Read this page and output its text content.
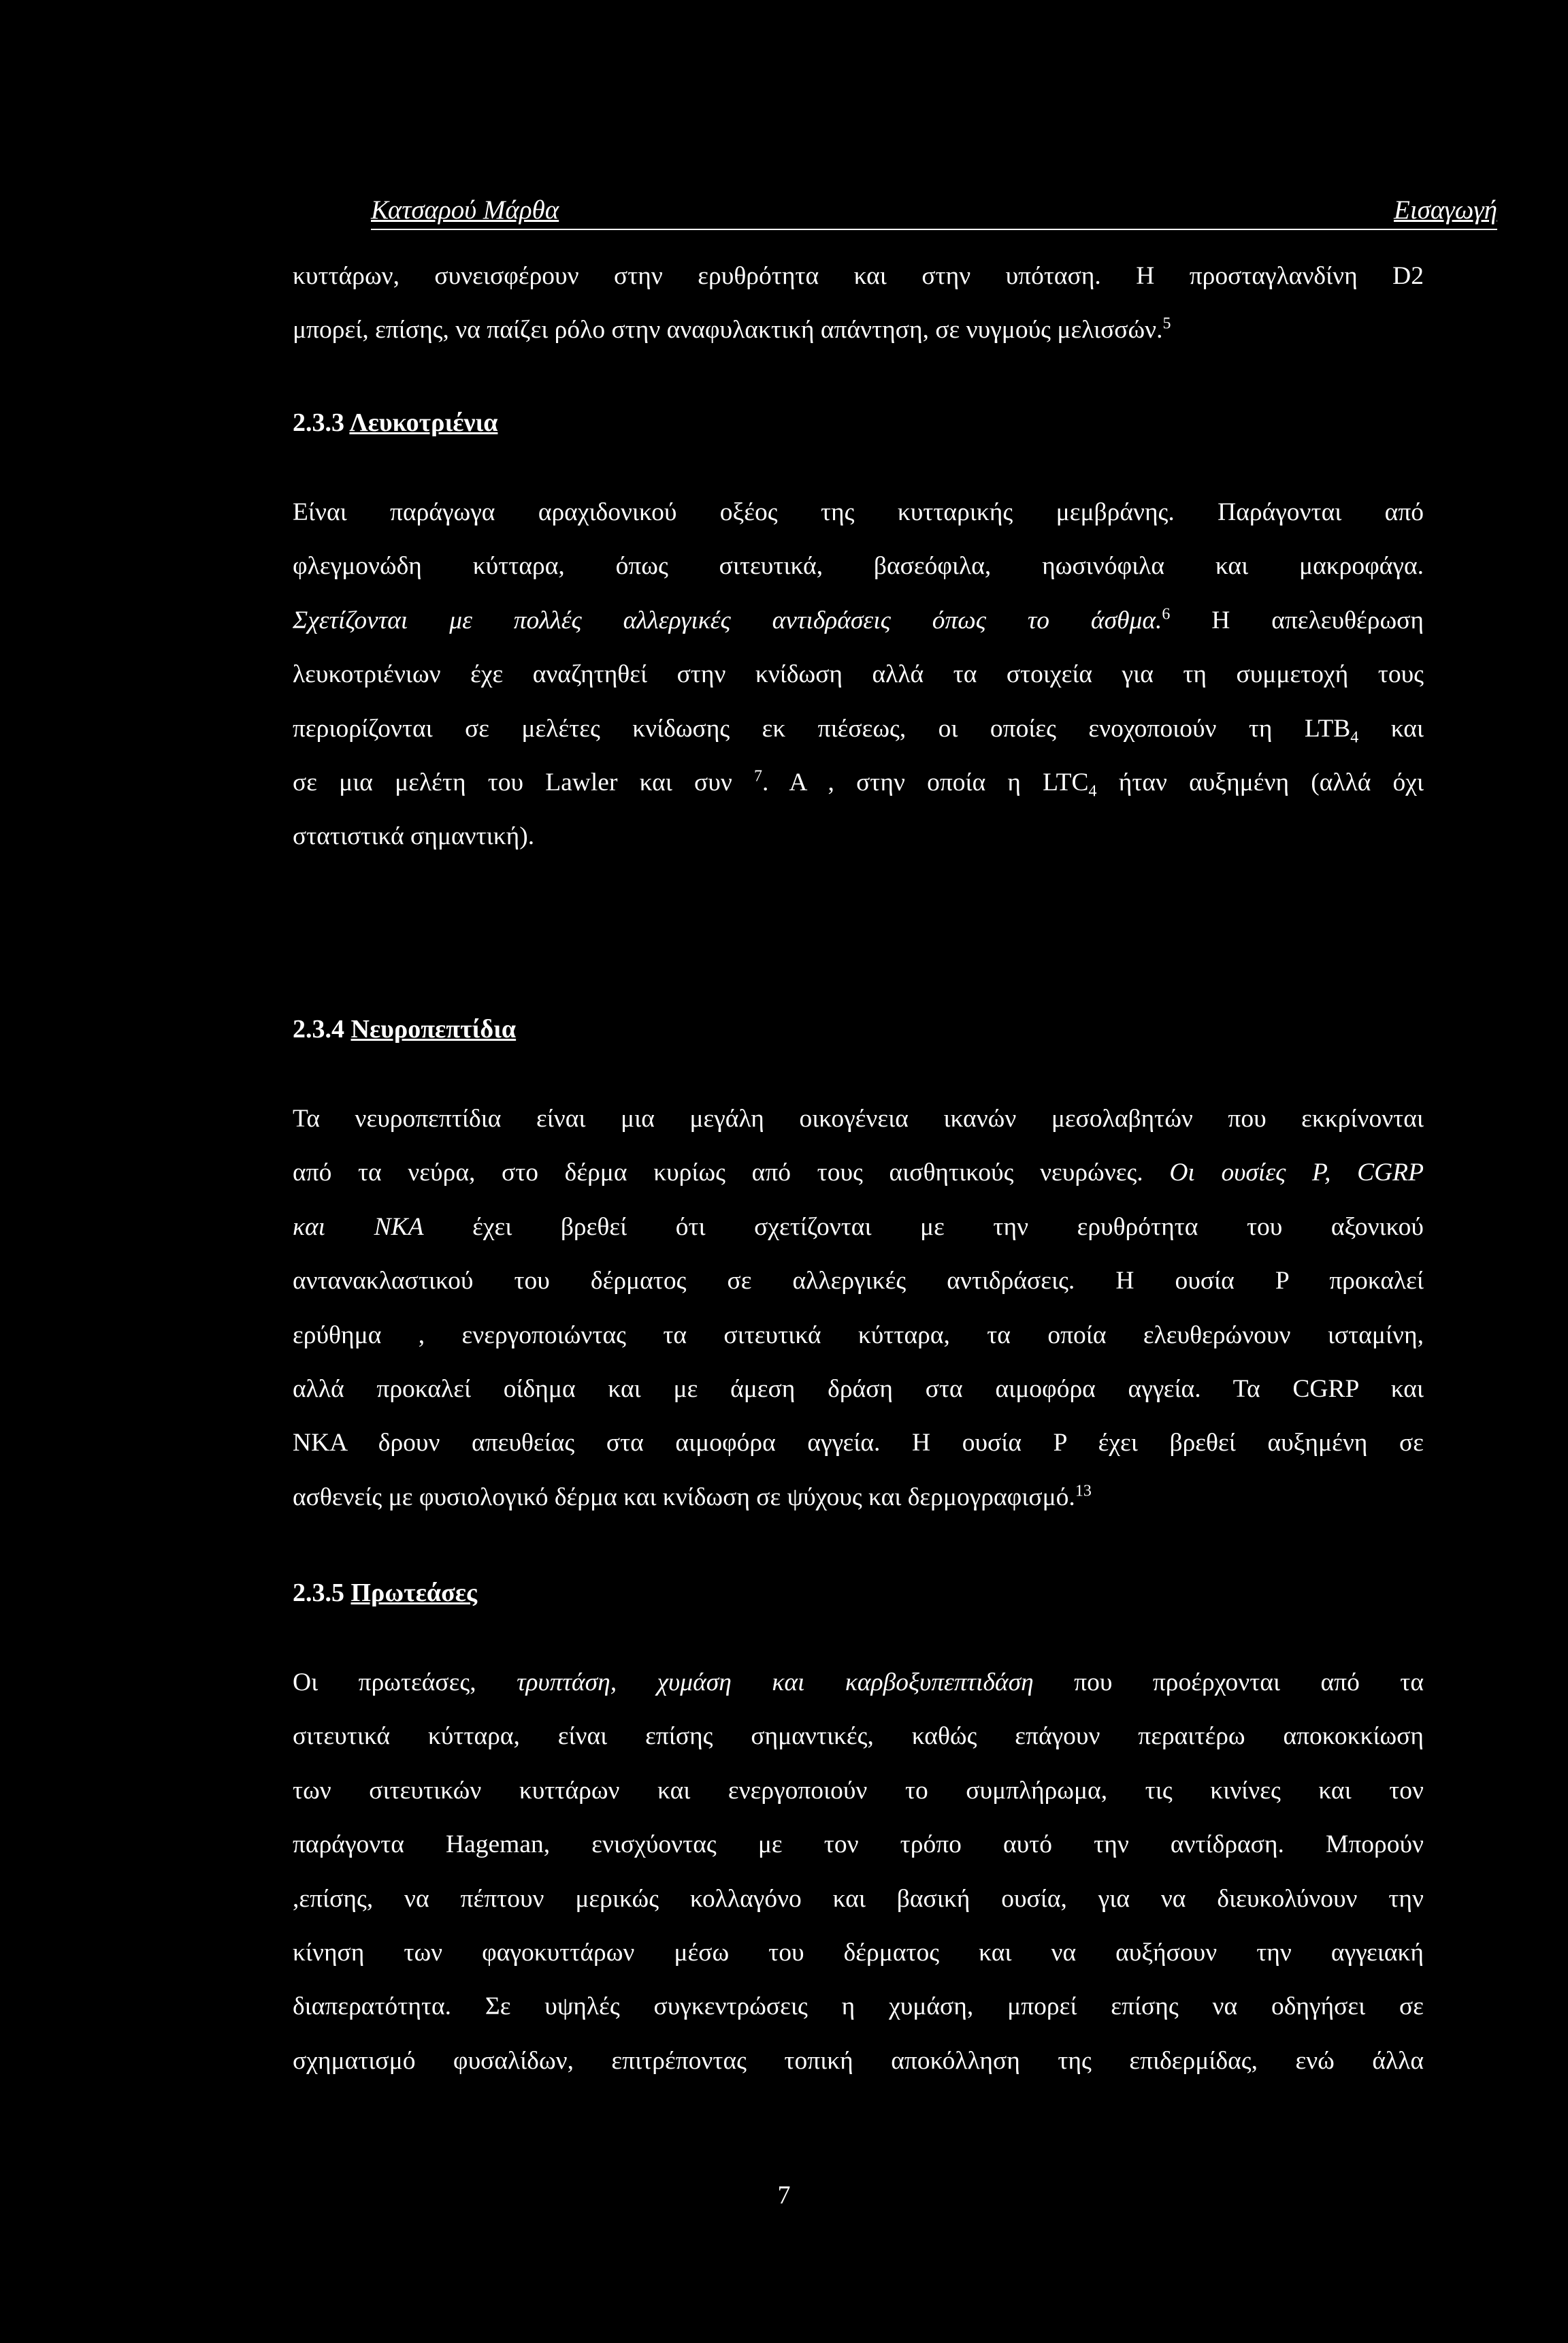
Κατσαρού Μάρθα	Εισαγωγή
κυττάρων, συνεισφέρουν στην ερυθρότητα και στην υπόταση. Η προσταγλανδίνη D2
μπορεί, επίσης, να παίζει ρόλο στην αναφυλακτική απάντηση, σε νυγμούς μελισσών.$^5$
2.3.3 Λευκοτριένια
Είναι παράγωγα αραχιδονικού οξέος της κυτταρικής μεμβράνης. Παράγονται από
φλεγμονώδη κύτταρα, όπως σιτευτικά, βασεόφιλα, ηωσινόφιλα και μακροφάγα.
Σχετίζονται με πολλές αλλεργικές αντιδράσεις όπως το άσθμα.$^6$ Η απελευθέρωση
λευκοτριένιων έχε αναζητηθεί στην κνίδωση αλλά τα στοιχεία για τη συμμετοχή τους
περιορίζονται σε μελέτες κνίδωσης εκ πιέσεως, οι οποίες ενοχοποιούν τη $LTB_4$ και
σε μια μελέτη του Lawler και συν $^7$. Α , στην οποία η $LTC_4$ ήταν αυξημένη (αλλά όχι
στατιστικά σημαντική).
2.3.4 Νευροπεπτίδια
Τα νευροπεπτίδια είναι μια μεγάλη οικογένεια ικανών μεσολαβητών που εκκρίνονται
από τα νεύρα, στο δέρμα κυρίως από τους αισθητικούς νευρώνες. Οι ουσίες P, CGRP
και NKA έχει βρεθεί ότι σχετίζονται με την ερυθρότητα του αξονικού
αντανακλαστικού του δέρματος σε αλλεργικές αντιδράσεις. Η ουσία P προκαλεί
ερύθημα , ενεργοποιώντας τα σιτευτικά κύτταρα, τα οποία ελευθερώνουν ισταμίνη,
αλλά προκαλεί οίδημα και με άμεση δράση στα αιμοφόρα αγγεία. Τα CGRP και
NKA δρουν απευθείας στα αιμοφόρα αγγεία. Η ουσία P έχει βρεθεί αυξημένη σε
ασθενείς με φυσιολογικό δέρμα και κνίδωση σε ψύχους και δερμογραφισμό.$^{13}$
2.3.5 Πρωτεάσες
Οι πρωτεάσες, τρυπτάση, χυμάση και καρβοξυπεπτιδάση που προέρχονται από τα
σιτευτικά κύτταρα, είναι επίσης σημαντικές, καθώς επάγουν περαιτέρω αποκοκκίωση
των σιτευτικών κυττάρων και ενεργοποιούν το συμπλήρωμα, τις κινίνες και τον
παράγοντα Hageman, ενισχύοντας με τον τρόπο αυτό την αντίδραση. Μπορούν
,επίσης, να πέπτουν μερικώς κολλαγόνο και βασική ουσία, για να διευκολύνουν την
κίνηση των φαγοκυττάρων μέσω του δέρματος και να αυξήσουν την αγγειακή
διαπερατότητα. Σε υψηλές συγκεντρώσεις η χυμάση, μπορεί επίσης να οδηγήσει σε
σχηματισμό φυσαλίδων, επιτρέποντας τοπική αποκόλληση της επιδερμίδας, ενώ άλλα
7
